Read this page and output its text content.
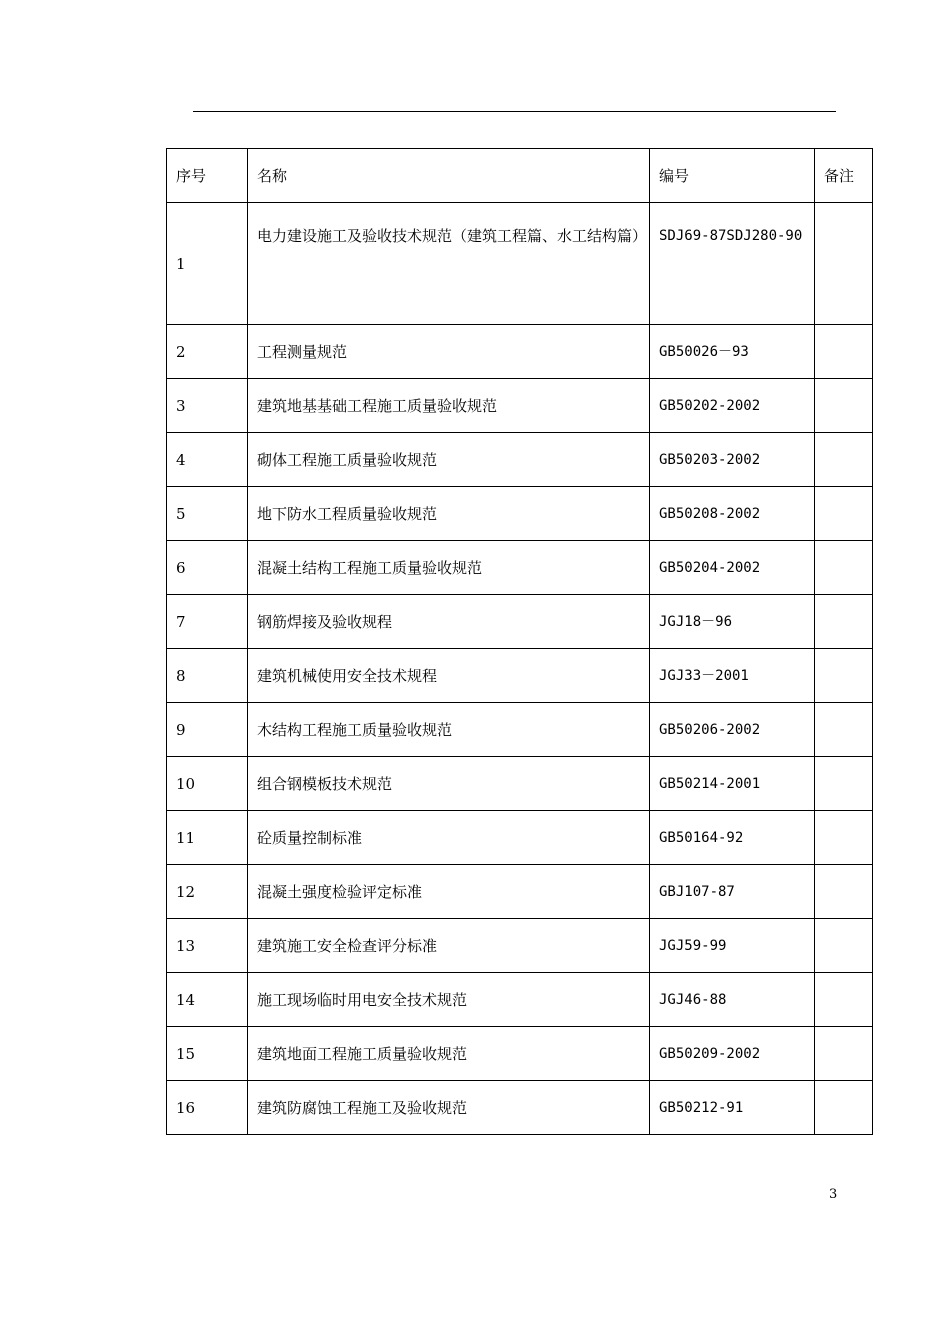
序号	名称	编号	备注
1	电力建设施工及验收技术规范（建筑工程篇、水工结构篇）	SDJ69-87SDJ280-90	
2	工程测量规范	GB50026－93	
3	建筑地基基础工程施工质量验收规范	GB50202-2002	
4	砌体工程施工质量验收规范	GB50203-2002	
5	地下防水工程质量验收规范	GB50208-2002	
6	混凝土结构工程施工质量验收规范	GB50204-2002	
7	钢筋焊接及验收规程	JGJ18－96	
8	建筑机械使用安全技术规程	JGJ33－2001	
9	木结构工程施工质量验收规范	GB50206-2002	
10	组合钢模板技术规范	GB50214-2001	
11	砼质量控制标准	GB50164-92	
12	混凝土强度检验评定标准	GBJ107-87	
13	建筑施工安全检查评分标准	JGJ59-99	
14	施工现场临时用电安全技术规范	JGJ46-88	
15	建筑地面工程施工质量验收规范	GB50209-2002	
16	建筑防腐蚀工程施工及验收规范	GB50212-91	
3
